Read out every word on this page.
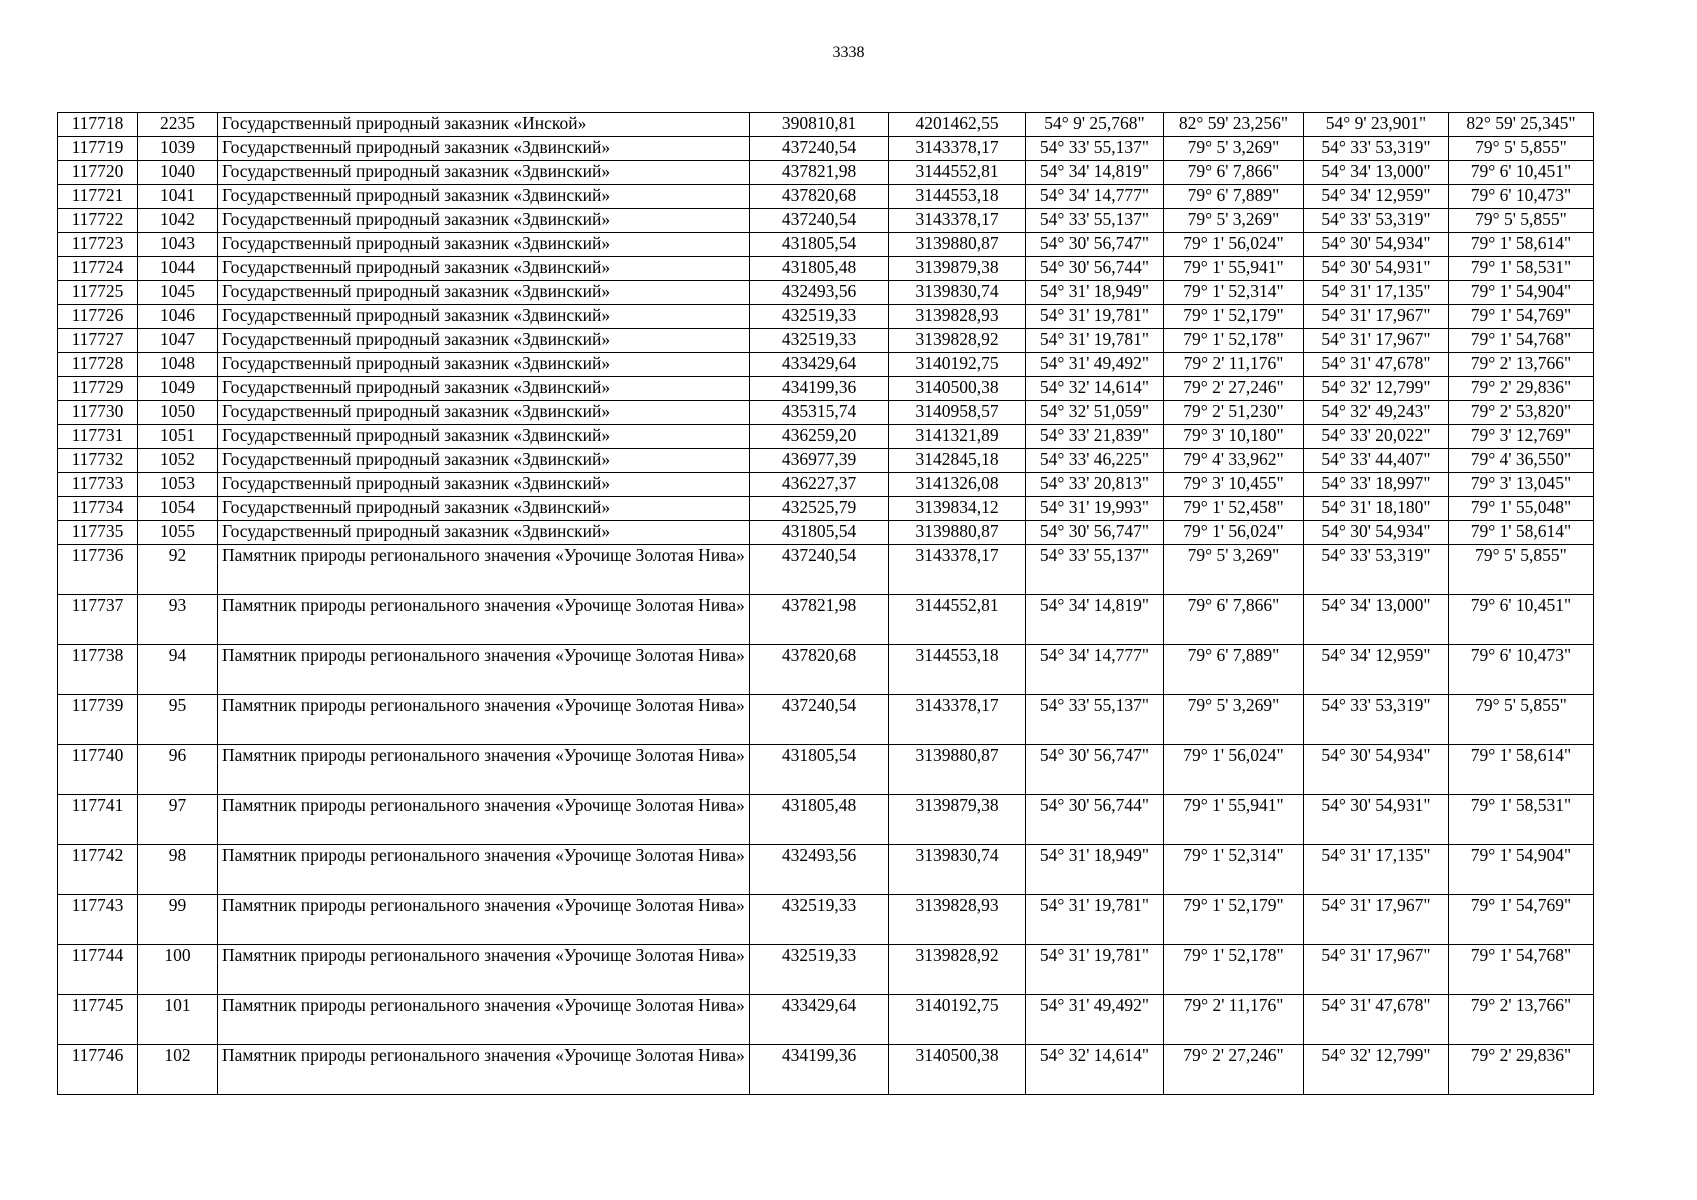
3338
117718	2235	Государственный природный заказник «Инской»	390810,81	4201462,55	54° 9' 25,768"	82° 59' 23,256"	54° 9' 23,901"	82° 59' 25,345"
117719	1039	Государственный природный заказник «Здвинский»	437240,54	3143378,17	54° 33' 55,137"	79° 5' 3,269"	54° 33' 53,319"	79° 5' 5,855"
117720	1040	Государственный природный заказник «Здвинский»	437821,98	3144552,81	54° 34' 14,819"	79° 6' 7,866"	54° 34' 13,000"	79° 6' 10,451"
117721	1041	Государственный природный заказник «Здвинский»	437820,68	3144553,18	54° 34' 14,777"	79° 6' 7,889"	54° 34' 12,959"	79° 6' 10,473"
117722	1042	Государственный природный заказник «Здвинский»	437240,54	3143378,17	54° 33' 55,137"	79° 5' 3,269"	54° 33' 53,319"	79° 5' 5,855"
117723	1043	Государственный природный заказник «Здвинский»	431805,54	3139880,87	54° 30' 56,747"	79° 1' 56,024"	54° 30' 54,934"	79° 1' 58,614"
117724	1044	Государственный природный заказник «Здвинский»	431805,48	3139879,38	54° 30' 56,744"	79° 1' 55,941"	54° 30' 54,931"	79° 1' 58,531"
117725	1045	Государственный природный заказник «Здвинский»	432493,56	3139830,74	54° 31' 18,949"	79° 1' 52,314"	54° 31' 17,135"	79° 1' 54,904"
117726	1046	Государственный природный заказник «Здвинский»	432519,33	3139828,93	54° 31' 19,781"	79° 1' 52,179"	54° 31' 17,967"	79° 1' 54,769"
117727	1047	Государственный природный заказник «Здвинский»	432519,33	3139828,92	54° 31' 19,781"	79° 1' 52,178"	54° 31' 17,967"	79° 1' 54,768"
117728	1048	Государственный природный заказник «Здвинский»	433429,64	3140192,75	54° 31' 49,492"	79° 2' 11,176"	54° 31' 47,678"	79° 2' 13,766"
117729	1049	Государственный природный заказник «Здвинский»	434199,36	3140500,38	54° 32' 14,614"	79° 2' 27,246"	54° 32' 12,799"	79° 2' 29,836"
117730	1050	Государственный природный заказник «Здвинский»	435315,74	3140958,57	54° 32' 51,059"	79° 2' 51,230"	54° 32' 49,243"	79° 2' 53,820"
117731	1051	Государственный природный заказник «Здвинский»	436259,20	3141321,89	54° 33' 21,839"	79° 3' 10,180"	54° 33' 20,022"	79° 3' 12,769"
117732	1052	Государственный природный заказник «Здвинский»	436977,39	3142845,18	54° 33' 46,225"	79° 4' 33,962"	54° 33' 44,407"	79° 4' 36,550"
117733	1053	Государственный природный заказник «Здвинский»	436227,37	3141326,08	54° 33' 20,813"	79° 3' 10,455"	54° 33' 18,997"	79° 3' 13,045"
117734	1054	Государственный природный заказник «Здвинский»	432525,79	3139834,12	54° 31' 19,993"	79° 1' 52,458"	54° 31' 18,180"	79° 1' 55,048"
117735	1055	Государственный природный заказник «Здвинский»	431805,54	3139880,87	54° 30' 56,747"	79° 1' 56,024"	54° 30' 54,934"	79° 1' 58,614"
117736	92	Памятник природы регионального значения «Урочище Золотая Нива»	437240,54	3143378,17	54° 33' 55,137"	79° 5' 3,269"	54° 33' 53,319"	79° 5' 5,855"
117737	93	Памятник природы регионального значения «Урочище Золотая Нива»	437821,98	3144552,81	54° 34' 14,819"	79° 6' 7,866"	54° 34' 13,000"	79° 6' 10,451"
117738	94	Памятник природы регионального значения «Урочище Золотая Нива»	437820,68	3144553,18	54° 34' 14,777"	79° 6' 7,889"	54° 34' 12,959"	79° 6' 10,473"
117739	95	Памятник природы регионального значения «Урочище Золотая Нива»	437240,54	3143378,17	54° 33' 55,137"	79° 5' 3,269"	54° 33' 53,319"	79° 5' 5,855"
117740	96	Памятник природы регионального значения «Урочище Золотая Нива»	431805,54	3139880,87	54° 30' 56,747"	79° 1' 56,024"	54° 30' 54,934"	79° 1' 58,614"
117741	97	Памятник природы регионального значения «Урочище Золотая Нива»	431805,48	3139879,38	54° 30' 56,744"	79° 1' 55,941"	54° 30' 54,931"	79° 1' 58,531"
117742	98	Памятник природы регионального значения «Урочище Золотая Нива»	432493,56	3139830,74	54° 31' 18,949"	79° 1' 52,314"	54° 31' 17,135"	79° 1' 54,904"
117743	99	Памятник природы регионального значения «Урочище Золотая Нива»	432519,33	3139828,93	54° 31' 19,781"	79° 1' 52,179"	54° 31' 17,967"	79° 1' 54,769"
117744	100	Памятник природы регионального значения «Урочище Золотая Нива»	432519,33	3139828,92	54° 31' 19,781"	79° 1' 52,178"	54° 31' 17,967"	79° 1' 54,768"
117745	101	Памятник природы регионального значения «Урочище Золотая Нива»	433429,64	3140192,75	54° 31' 49,492"	79° 2' 11,176"	54° 31' 47,678"	79° 2' 13,766"
117746	102	Памятник природы регионального значения «Урочище Золотая Нива»	434199,36	3140500,38	54° 32' 14,614"	79° 2' 27,246"	54° 32' 12,799"	79° 2' 29,836"
